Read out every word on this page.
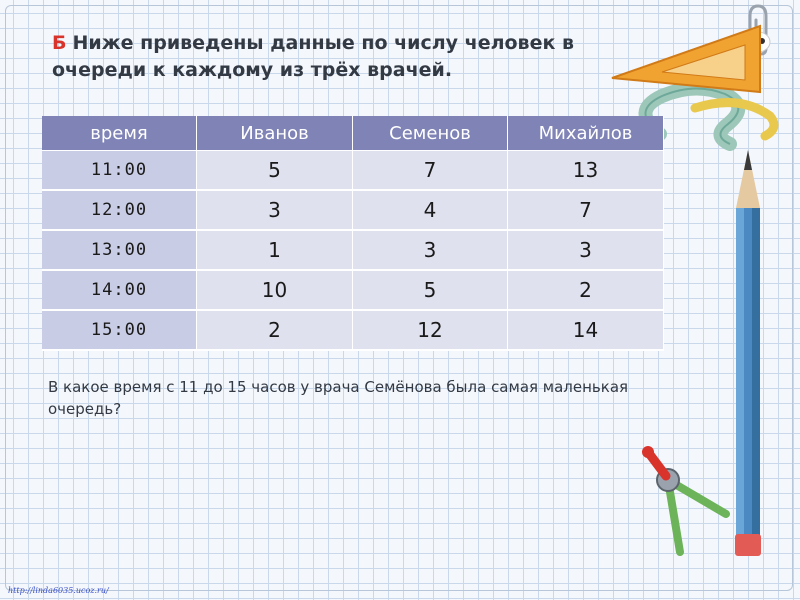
Б Ниже приведены данные по числу человек в очереди к каждому из трёх врачей.
время	Иванов	Семенов	Михайлов
11:00	5	7	13
12:00	3	4	7
13:00	1	3	3
14:00	10	5	2
15:00	2	12	14
В какое время с 11 до 15 часов у врача Семёнова была самая маленькая очередь?
http://linda6035.ucoz.ru/
